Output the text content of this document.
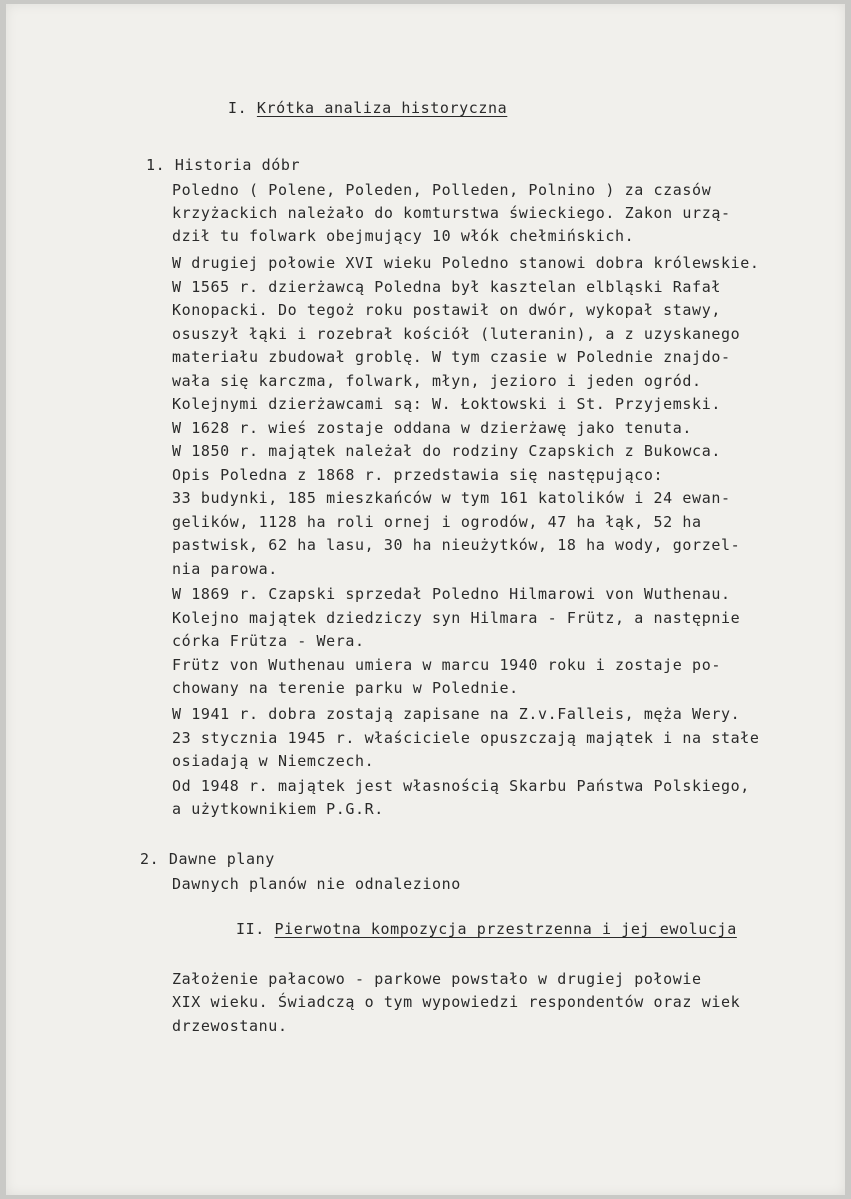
I. Krótka analiza historyczna
1. Historia dóbr
Poledno ( Polene, Poleden, Polleden, Polnino ) za czasów
krzyżackich należało do komturstwa świeckiego. Zakon urzą-
dził tu folwark obejmujący 10 włók chełmińskich.
W drugiej połowie XVI wieku Poledno stanowi dobra królewskie.
W 1565 r. dzierżawcą Poledna był kasztelan elbląski Rafał
Konopacki. Do tegoż roku postawił on dwór, wykopał stawy,
osuszył łąki i rozebrał kościół (luteranin), a z uzyskanego
materiału zbudował groblę. W tym czasie w Polednie znajdo-
wała się karczma, folwark, młyn, jezioro i jeden ogród.
Kolejnymi dzierżawcami są: W. Łoktowski i St. Przyjemski.
W 1628 r. wieś zostaje oddana w dzierżawę jako tenuta.
W 1850 r. majątek należał do rodziny Czapskich z Bukowca.
Opis Poledna z 1868 r. przedstawia się następująco:
33 budynki, 185 mieszkańców w tym 161 katolików i 24 ewan-
gelików, 1128 ha roli ornej i ogrodów, 47 ha łąk, 52 ha
pastwisk, 62 ha lasu, 30 ha nieużytków, 18 ha wody, gorzel-
nia parowa.
W 1869 r. Czapski sprzedał Poledno Hilmarowi von Wuthenau.
Kolejno majątek dziedziczy syn Hilmara - Frütz, a następnie
córka Frütza - Wera.
Frütz von Wuthenau umiera w marcu 1940 roku i zostaje po-
chowany na terenie parku w Polednie.
W 1941 r. dobra zostają zapisane na Z.v.Falleis, męża Wery.
23 stycznia 1945 r. właściciele opuszczają majątek i na stałe
osiadają w Niemczech.
Od 1948 r. majątek jest własnością Skarbu Państwa Polskiego,
a użytkownikiem P.G.R.
2. Dawne plany
Dawnych planów nie odnaleziono
II. Pierwotna kompozycja przestrzenna i jej ewolucja
Założenie pałacowo - parkowe powstało w drugiej połowie
XIX wieku. Świadczą o tym wypowiedzi respondentów oraz wiek
drzewostanu.
